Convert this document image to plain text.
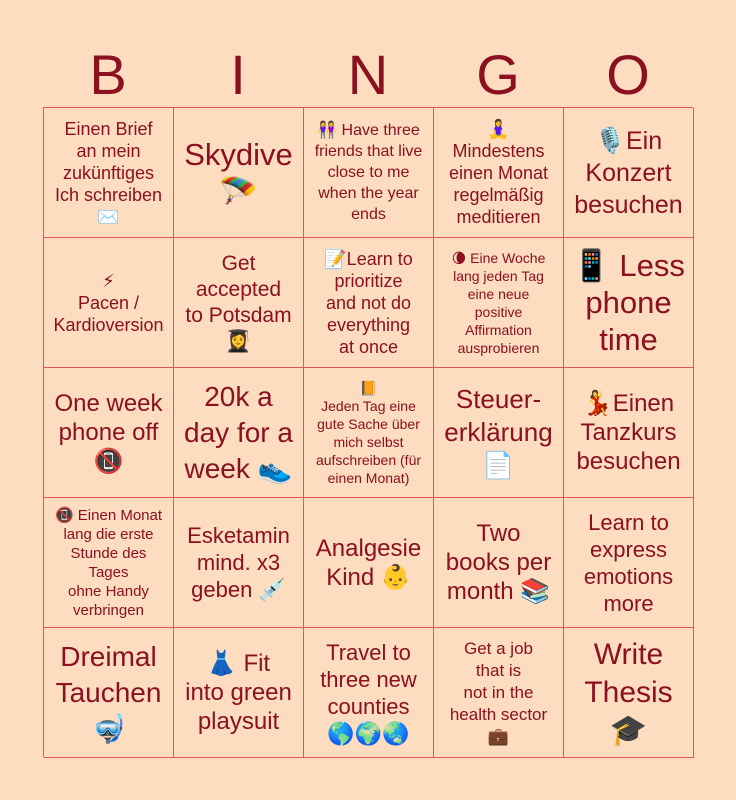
B	I	N	G	O
Einen Brief
an mein
zukünftiges
Ich schreiben
✉️
Skydive
🪂
👭 Have three
friends that live
close to me
when the year
ends
🧘‍♀️
Mindestens
einen Monat
regelmäßig
meditieren
🎙️Ein
Konzert
besuchen
⚡
Pacen /
Kardioversion
Get
accepted
to Potsdam
👩‍🎓
📝Learn to
prioritize
and not do
everything
at once
🌘 Eine Woche
lang jeden Tag
eine neue
positive
Affirmation
ausprobieren
📱 Less
phone
time
One week
phone off
📵
20k a
day for a
week 👟
📙
Jeden Tag eine
gute Sache über
mich selbst
aufschreiben (für
einen Monat)
Steuer-
erklärung
📄
💃Einen
Tanzkurs
besuchen
📵 Einen Monat
lang die erste
Stunde des
Tages
ohne Handy
verbringen
Esketamin
mind. x3
geben 💉
Analgesie
Kind 👶
Two
books per
month 📚
Learn to
express
emotions
more
Dreimal
Tauchen
🤿
👗 Fit
into green
playsuit
Travel to
three new
counties
🌎🌍🌏
Get a job
that is
not in the
health sector
💼
Write
Thesis
🎓
